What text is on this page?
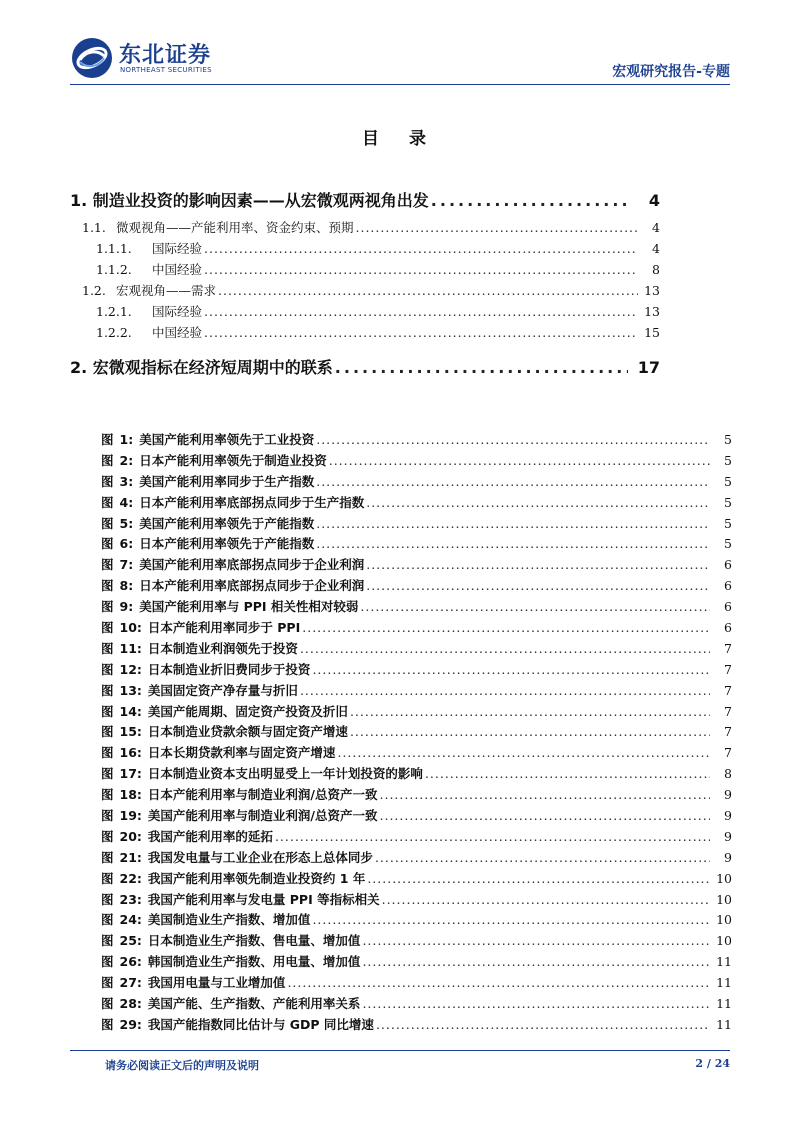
东北证券
NORTHEAST SECURITIES	宏观研究报告-专题
目 录
1. 制造业投资的影响因素——从宏微观两视角出发 .....	4
1.1. 微观视角——产能利用率、资金约束、预期 .....	4
1.1.1. 国际经验 .....	4
1.1.2. 中国经验 .....	8
1.2. 宏观视角——需求 .....	13
1.2.1. 国际经验 .....	13
1.2.2. 中国经验 .....	15
2. 宏微观指标在经济短周期中的联系 .....	17
图 1: 美国产能利用率领先于工业投资 .....	5
图 2: 日本产能利用率领先于制造业投资 .....	5
图 3: 美国产能利用率同步于生产指数 .....	5
图 4: 日本产能利用率底部拐点同步于生产指数 .....	5
图 5: 美国产能利用率领先于产能指数 .....	5
图 6: 日本产能利用率领先于产能指数 .....	5
图 7: 美国产能利用率底部拐点同步于企业利润 .....	6
图 8: 日本产能利用率底部拐点同步于企业利润 .....	6
图 9: 美国产能利用率与 PPI 相关性相对较弱 .....	6
图 10: 日本产能利用率同步于 PPI .....	6
图 11: 日本制造业利润领先于投资 .....	7
图 12: 日本制造业折旧费同步于投资 .....	7
图 13: 美国固定资产净存量与折旧 .....	7
图 14: 美国产能周期、固定资产投资及折旧 .....	7
图 15: 日本制造业贷款余额与固定资产增速 .....	7
图 16: 日本长期贷款利率与固定资产增速 .....	7
图 17: 日本制造业资本支出明显受上一年计划投资的影响 .....	8
图 18: 日本产能利用率与制造业利润/总资产一致 .....	9
图 19: 美国产能利用率与制造业利润/总资产一致 .....	9
图 20: 我国产能利用率的延拓 .....	9
图 21: 我国发电量与工业企业在形态上总体同步 .....	9
图 22: 我国产能利用率领先制造业投资约 1 年 .....	10
图 23: 我国产能利用率与发电量 PPI 等指标相关 .....	10
图 24: 美国制造业生产指数、增加值 .....	10
图 25: 日本制造业生产指数、售电量、增加值 .....	10
图 26: 韩国制造业生产指数、用电量、增加值 .....	11
图 27: 我国用电量与工业增加值 .....	11
图 28: 美国产能、生产指数、产能利用率关系 .....	11
图 29: 我国产能指数同比估计与 GDP 同比增速 .....	11
请务必阅读正文后的声明及说明	2 / 24
